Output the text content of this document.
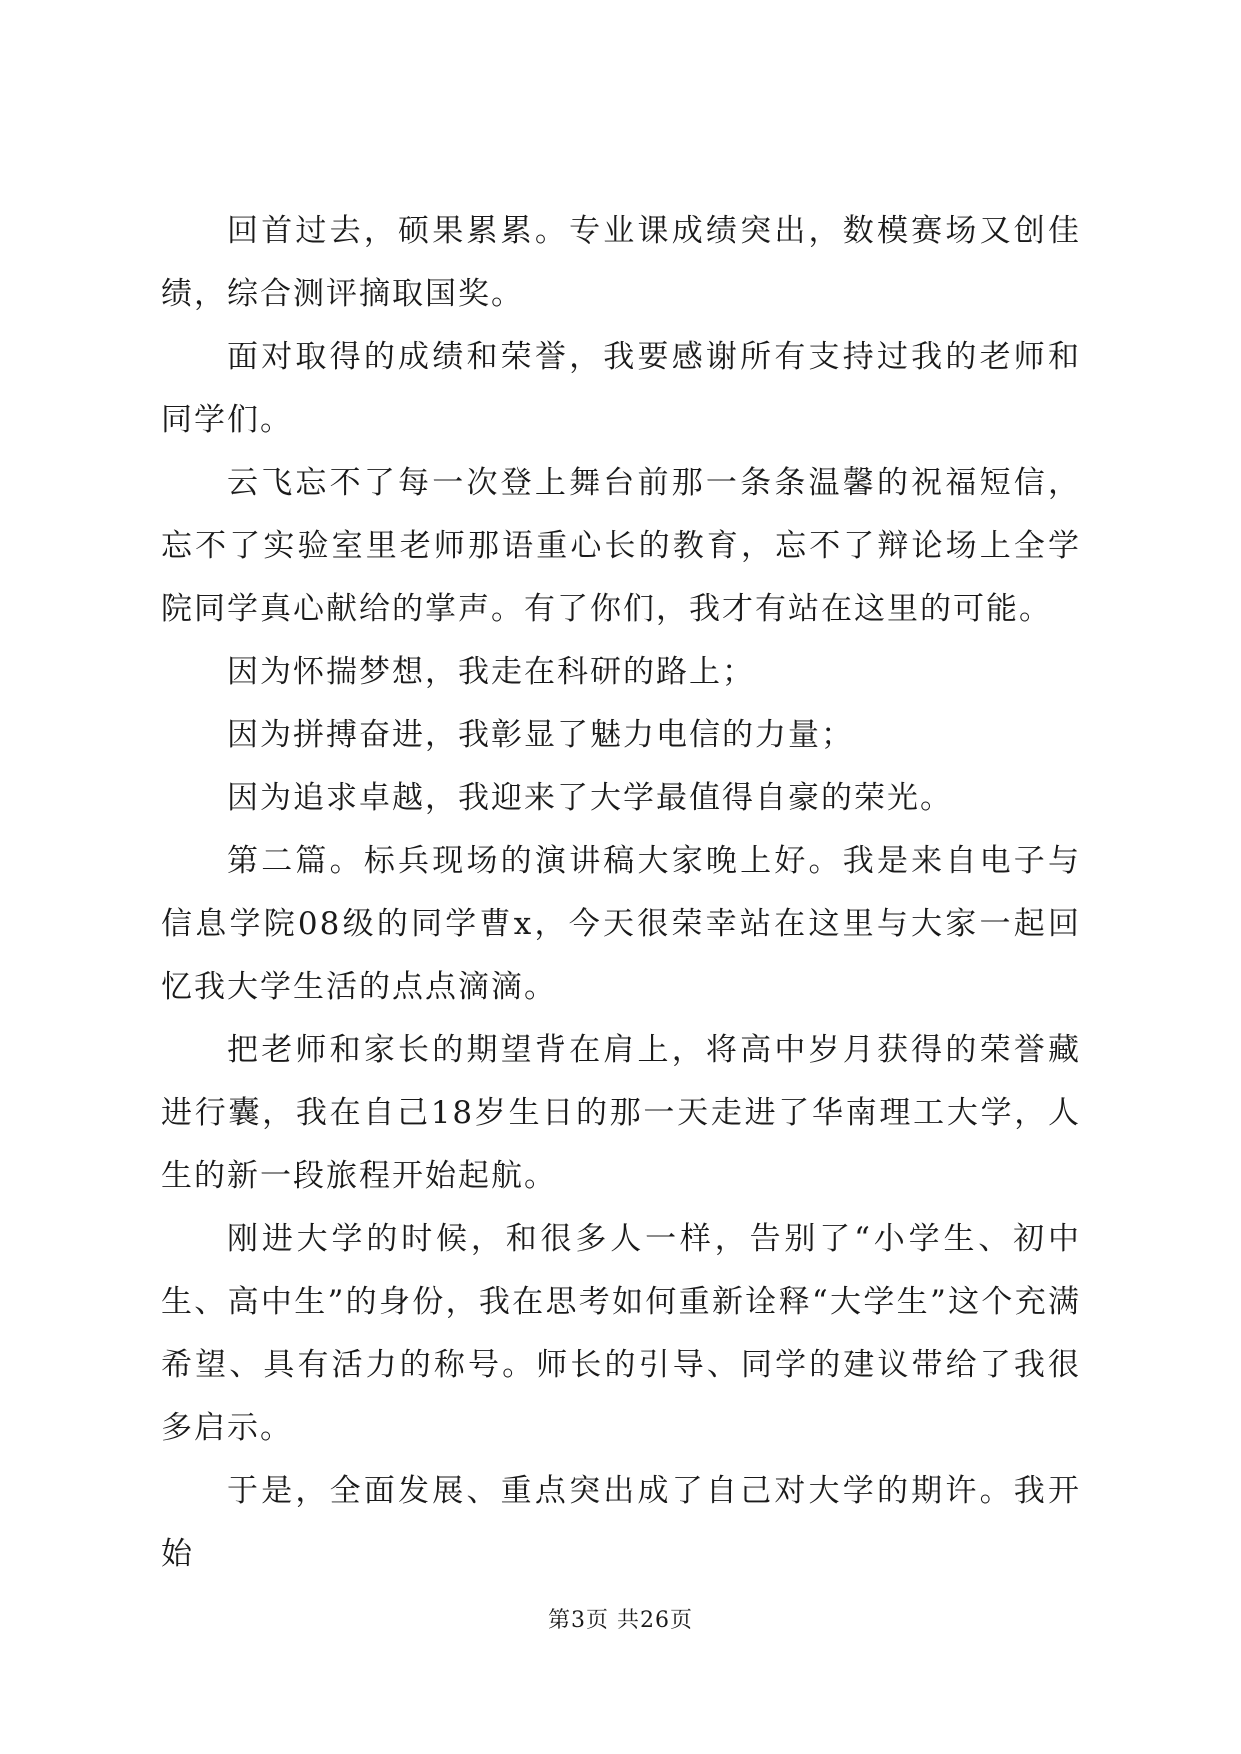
回首过去，硕果累累。专业课成绩突出，数模赛场又创佳绩，综合测评摘取国奖。

面对取得的成绩和荣誉，我要感谢所有支持过我的老师和同学们。

云飞忘不了每一次登上舞台前那一条条温馨的祝福短信，忘不了实验室里老师那语重心长的教育，忘不了辩论场上全学院同学真心献给的掌声。有了你们，我才有站在这里的可能。

因为怀揣梦想，我走在科研的路上；

因为拼搏奋进，我彰显了魅力电信的力量；

因为追求卓越，我迎来了大学最值得自豪的荣光。

第二篇。标兵现场的演讲稿大家晚上好。我是来自电子与信息学院08级的同学曹x，今天很荣幸站在这里与大家一起回忆我大学生活的点点滴滴。

把老师和家长的期望背在肩上，将高中岁月获得的荣誉藏进行囊，我在自己18岁生日的那一天走进了华南理工大学，人生的新一段旅程开始起航。

刚进大学的时候，和很多人一样，告别了“小学生、初中生、高中生”的身份，我在思考如何重新诠释“大学生”这个充满希望、具有活力的称号。师长的引导、同学的建议带给了我很多启示。

于是，全面发展、重点突出成了自己对大学的期许。我开始

第3页 共26页
